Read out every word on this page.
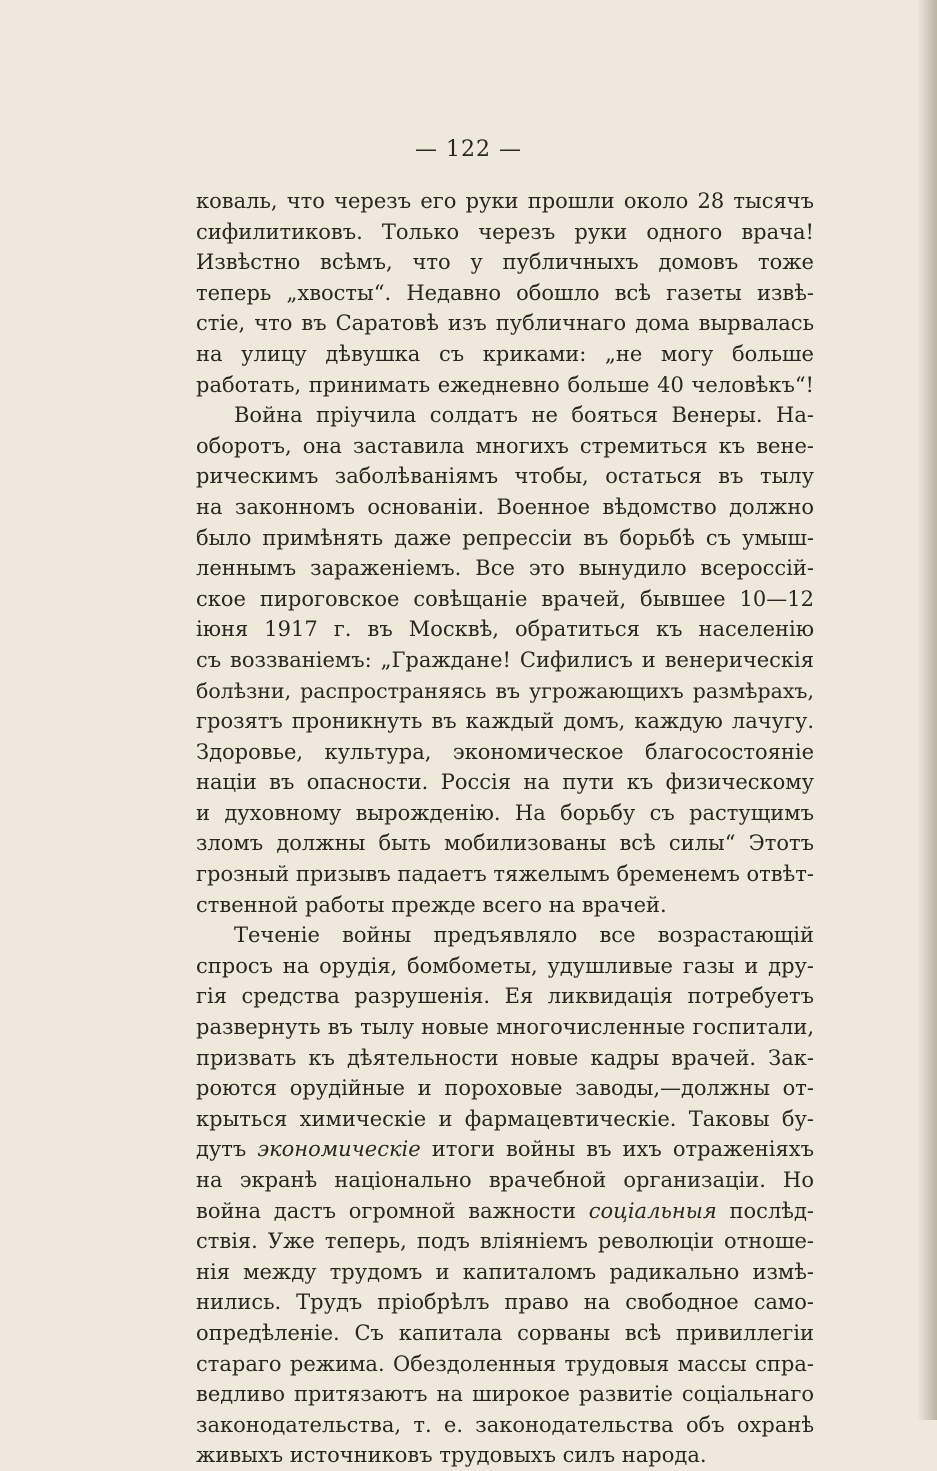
— 122 —
коваль, что черезъ его руки прошли около 28 тысячъ
сифилитиковъ. Только черезъ руки одного врача!
Извѣстно всѣмъ, что у публичныхъ домовъ тоже
теперь „хвосты“. Недавно обошло всѣ газеты извѣ-
стіе, что въ Саратовѣ изъ публичнаго дома вырвалась
на улицу дѣвушка съ криками: „не могу больше
работать, принимать ежедневно больше 40 человѣкъ“!
Война пріучила солдатъ не бояться Венеры. На-
оборотъ, она заставила многихъ стремиться къ вене-
рическимъ заболѣваніямъ чтобы, остаться въ тылу
на законномъ основаніи. Военное вѣдомство должно
было примѣнять даже репрессіи въ борьбѣ съ умыш-
леннымъ зараженіемъ. Все это вынудило всероссій-
ское пироговское совѣщаніе врачей, бывшее 10—12
іюня 1917 г. въ Москвѣ, обратиться къ населенію
съ воззваніемъ: „Граждане! Сифилисъ и венерическія
болѣзни, распространяясь въ угрожающихъ размѣрахъ,
грозятъ проникнуть въ каждый домъ, каждую лачугу.
Здоровье, культура, экономическое благосостояніе
націи въ опасности. Россія на пути къ физическому
и духовному вырожденію. На борьбу съ растущимъ
зломъ должны быть мобилизованы всѣ силы“ Этотъ
грозный призывъ падаетъ тяжелымъ бременемъ отвѣт-
ственной работы прежде всего на врачей.
Теченіе войны предъявляло все возрастающій
спросъ на орудія, бомбометы, удушливые газы и дру-
гія средства разрушенія. Ея ликвидація потребуетъ
развернуть въ тылу новые многочисленные госпитали,
призвать къ дѣятельности новые кадры врачей. Зак-
роются орудійные и пороховые заводы,—должны от-
крыться химическіе и фармацевтическіе. Таковы бу-
дутъ экономическіе итоги войны въ ихъ отраженіяхъ
на экранѣ національно врачебной организаціи. Но
война дастъ огромной важности соціальныя послѣд-
ствія. Уже теперь, подъ вліяніемъ революціи отноше-
нія между трудомъ и капиталомъ радикально измѣ-
нились. Трудъ пріобрѣлъ право на свободное само-
опредѣленіе. Съ капитала сорваны всѣ привиллегіи
стараго режима. Обездоленныя трудовыя массы спра-
ведливо притязаютъ на широкое развитіе соціальнаго
законодательства, т. е. законодательства объ охранѣ
живыхъ источниковъ трудовыхъ силъ народа.
